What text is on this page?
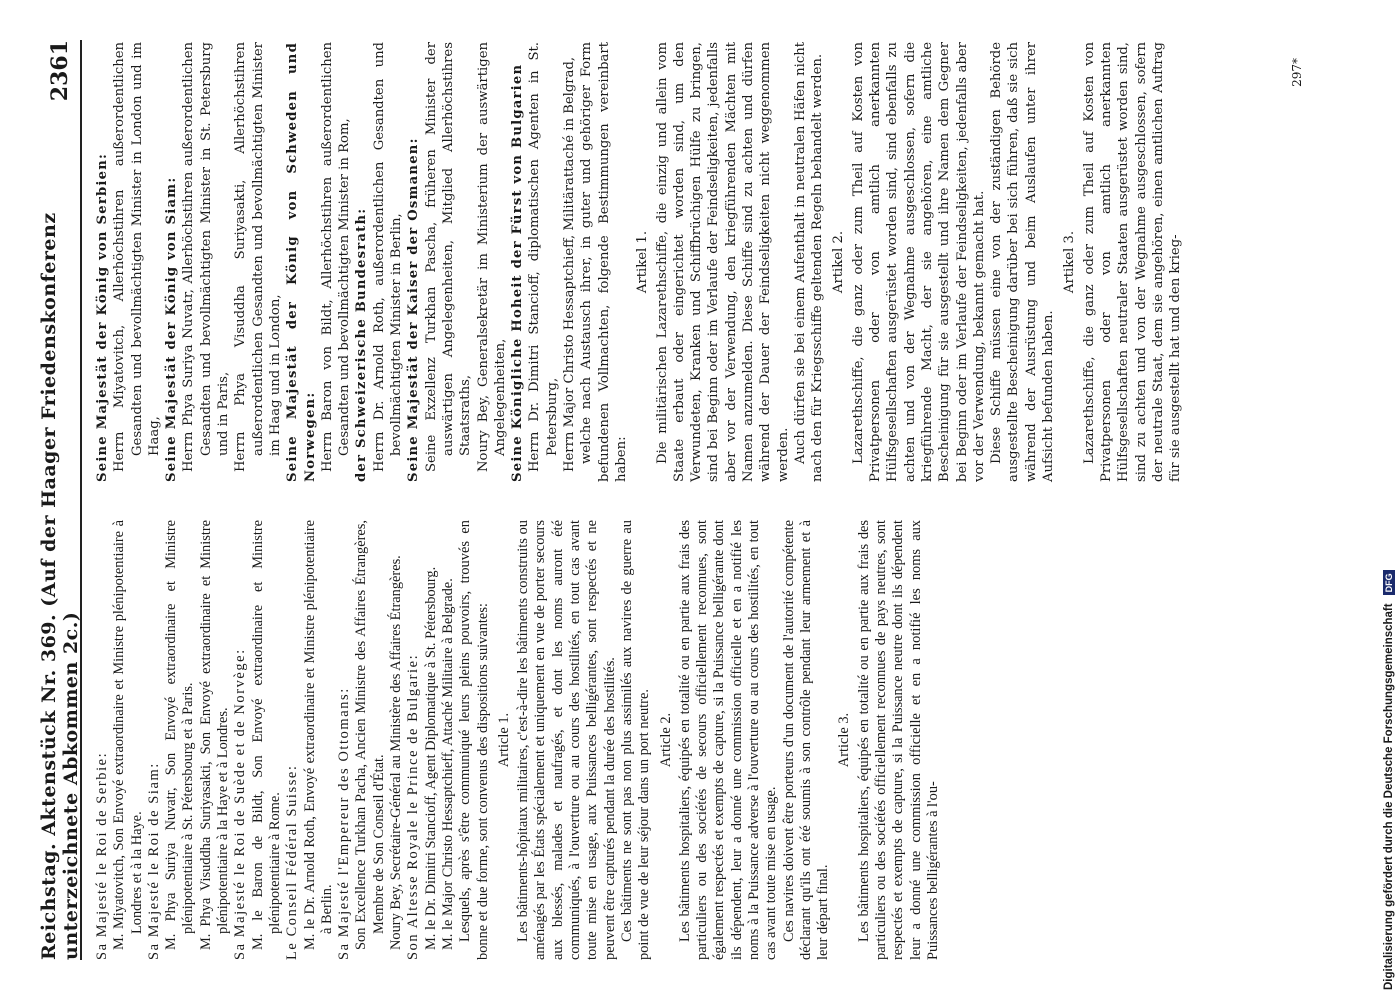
Reichstag. Aktenstück Nr. 369. (Auf der Haager Friedenskonferenz unterzeichnete Abkommen 2c.)
2361

Sa Majesté le Roi de Serbie: M. Miyatovitch, Son Envoyé extraordinaire et Ministre plénipotentiaire à Londres et à la Haye. Sa Majesté le Roi de Siam: M. Phya Suriya Nuvatr, Son Envoyé extraordinaire et Ministre plénipotentiaire à St. Pétersbourg et à Paris. M. Phya Visuddha Suriyasakti, Son Envoyé extraordinaire et Ministre plénipotentiaire à la Haye et à Londres. Sa Majesté le Roi de Suède et de Norvège: M. le Baron de Bildt, Son Envoyé extraordinaire et Ministre plénipotentiaire à Rome. Le Conseil Fédéral Suisse: M. le Dr. Arnold Roth, Envoyé extraordinaire et Ministre plénipotentiaire à Berlin. Sa Majesté l'Empereur des Ottomans: Son Excellence Turkhan Pacha, Ancien Ministre des Affaires Étrangères, Membre de Son Conseil d'État. Noury Bey, Secrétaire-Général au Ministère des Affaires Étrangères. Son Altesse Royale le Prince de Bulgarie: M. le Dr. Dimitri Stancioff, Agent Diplomatique à St. Pétersbourg. M. le Major Christo Hessaptchieff, Attaché Militaire à Belgrade. Lesquels, après s'être communiqué leurs pleins pouvoirs, trouvés en bonne et due forme, sont convenus des dispositions suivantes: Article 1. Les bâtiments-hôpitaux militaires, c'est-à-dire les bâtiments construits ou aménagés par les États spécialement et uniquement en vue de porter secours aux blessés, malades et naufragés, et dont les noms auront été communiqués, à l'ouverture ou au cours des hostilités, en tout cas avant toute mise en usage, aux Puissances belligérantes, sont respectés et ne peuvent être capturés pendant la durée des hostilités. Ces bâtiments ne sont pas non plus assimilés aux navires de guerre au point de vue de leur séjour dans un port neutre. Article 2. Les bâtiments hospitaliers, équipés en totalité ou en partie aux frais des particuliers ou des sociétés de secours officiellement reconnues, sont également respectés et exempts de capture, si la Puissance belligérante dont ils dépendent, leur a donné une commission officielle et en a notifié les noms à la Puissance adverse à l'ouverture ou au cours des hostilités, en tout cas avant toute mise en usage. Ces navires doivent être porteurs d'un document de l'autorité compétente déclarant qu'ils ont été soumis à son contrôle pendant leur armement et à leur départ final.

Article 3. Les bâtiments hospitaliers, équipés en totalité ou en partie aux frais des particuliers ou des sociétés officiellement reconnues de pays neutres, sont respectés et exempts de capture, si la Puissance neutre dont ils dépendent leur a donné une commission officielle et en a notifié les noms aux Puissances belligérantes à l'ou-

Seine Majestät der König von Serbien: Herrn Miyatovitch, Allerhöchstihren außerordentlichen Gesandten und bevollmächtigten Minister in London und im Haag, Seine Majestät der König von Siam: Herrn Phya Suriya Nuvatr, Allerhöchstihren außerordentlichen Gesandten und bevollmächtigten Minister in St. Petersburg und in Paris, Herrn Phya Visuddha Suriyasakti, Allerhöchstihren außerordentlichen Gesandten und bevollmächtigten Minister im Haag und in London, Seine Majestät der König von Schweden und Norwegen: Herrn Baron von Bildt, Allerhöchstihren außerordentlichen Gesandten und bevollmächtigten Minister in Rom, der Schweizerische Bundesrath: Herrn Dr. Arnold Roth, außerordentlichen Gesandten und bevollmächtigten Minister in Berlin, Seine Majestät der Kaiser der Osmanen: Seine Exzellenz Turkhan Pascha, früheren Minister der auswärtigen Angelegenheiten, Mitglied Allerhöchstihres Staatsraths, Noury Bey, Generalsekretär im Ministerium der auswärtigen Angelegenheiten, Seine Königliche Hoheit der Fürst von Bulgarien Herrn Dr. Dimitri Stancioff, diplomatischen Agenten in St. Petersburg, Herrn Major Christo Hessaptchieff, Militärattaché in Belgrad, welche nach Austausch ihrer, in guter und gehöriger Form befundenen Vollmachten, folgende Bestimmungen vereinbart haben:

Artikel 1. Die militärischen Lazarethschiffe, die einzig und allein vom Staate erbaut oder eingerichtet worden sind, um den Verwundeten, Kranken und Schiffbrüchigen Hülfe zu bringen, sind bei Beginn oder im Verlaufe der Feindseligkeiten, jedenfalls aber vor der Verwendung, den kriegführenden Mächten mit Namen anzumelden. Diese Schiffe sind zu achten und dürfen während der Dauer der Feindseligkeiten nicht weggenommen werden. Auch dürfen sie bei einem Aufenthalt in neutralen Häfen nicht nach den für Kriegsschiffe geltenden Regeln behandelt werden. Artikel 2. Lazarethschiffe, die ganz oder zum Theil auf Kosten von Privatpersonen oder von amtlich anerkannten Hülfsgesellschaften ausgerüstet worden sind, sind ebenfalls zu achten und von der Wegnahme ausgeschlossen, sofern die kriegführende Macht, der sie angehören, eine amtliche Bescheinigung für sie ausgestellt und ihre Namen dem Gegner bei Beginn oder im Verlaufe der Feindseligkeiten, jedenfalls aber vor der Verwendung, bekannt gemacht hat. Diese Schiffe müssen eine von der zuständigen Behörde ausgestellte Bescheinigung darüber bei sich führen, daß sie sich während der Ausrüstung und beim Auslaufen unter ihrer Aufsicht befunden haben.

Artikel 3. Lazarethschiffe, die ganz oder zum Theil auf Kosten von Privatpersonen oder von amtlich anerkannten Hülfsgesellschaften neutraler Staaten ausgerüstet worden sind, sind zu achten und von der Wegnahme ausgeschlossen, sofern der neutrale Staat, dem sie angehören, einen amtlichen Auftrag für sie ausgestellt hat und den krieg-

297*
Digitalisierung gefördert durch die Deutsche Forschungsgemeinschaft
DFG
